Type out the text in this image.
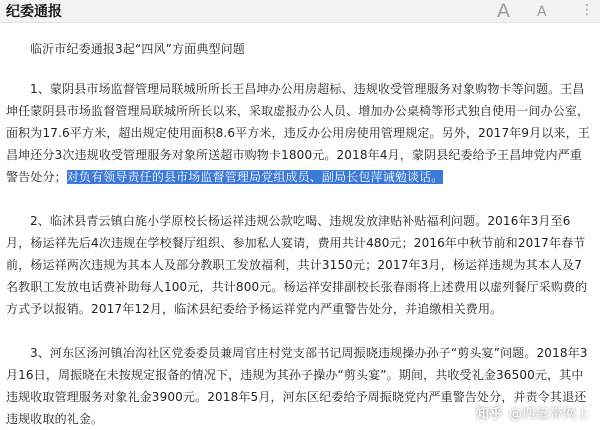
纪委通报	A A ⋮

临沂市纪委通报3起“四风”方面典型问题

1、蒙阴县市场监督管理局联城所所长王昌坤办公用房超标、违规收受管理服务对象购物卡等问题。王昌坤任蒙阴县市场监督管理局联城所所长以来，采取虚报办公人员、增加办公桌椅等形式独自使用一间办公室，面积为17.6平方米，超出规定使用面积8.6平方米，违反办公用房使用管理规定。另外，2017年9月以来，王昌坤还分3次违规收受管理服务对象所送超市购物卡1800元。2018年4月，蒙阴县纪委给予王昌坤党内严重警告处分；对负有领导责任的县市场监督管理局党组成员、副局长包萍诫勉谈话。

2、临沭县青云镇白旄小学原校长杨运祥违规公款吃喝、违规发放津贴补贴福利问题。2016年3月至6月，杨运祥先后4次违规在学校餐厅组织、参加私人宴请，费用共计480元；2016年中秋节前和2017年春节前，杨运祥两次违规为其本人及部分教职工发放福利，共计3150元；2017年3月，杨运祥违规为其本人及7名教职工发放电话费补助每人100元，共计800元。杨运祥安排副校长张春雨将上述费用以虚列餐厅采购费的方式予以报销。2017年12月，临沭县纪委给予杨运祥党内严重警告处分，并追缴相关费用。

3、河东区汤河镇冶沟社区党委委员兼周官庄村党支部书记周振晓违规操办孙子“剪头宴”问题。2018年3月16日，周振晓在未按规定报备的情况下，违规为其孙子操办“剪头宴”。期间，共收受礼金36500元，其中违规收取管理服务对象礼金3900元。2018年5月，河东区纪委给予周振晓党内严重警告处分，并责令其退还违规收取的礼金。	知乎 @四氟带网上
